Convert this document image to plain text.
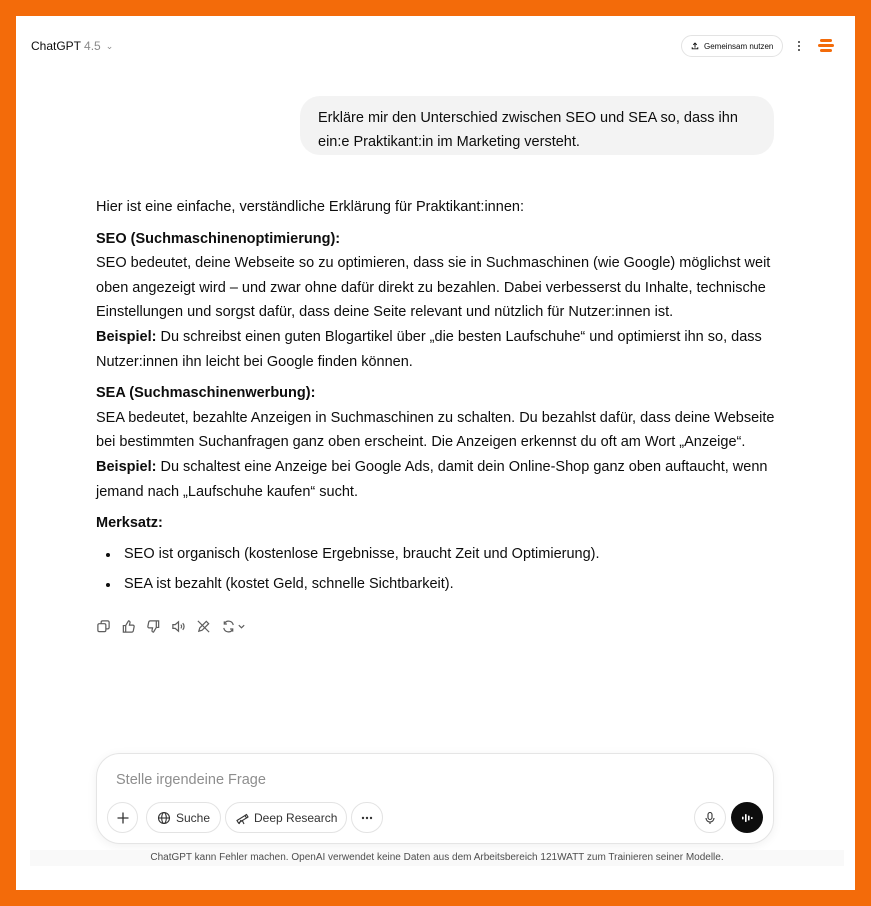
ChatGPT 4.5 ⌄	Gemeinsam nutzen
Erkläre mir den Unterschied zwischen SEO und SEA so, dass ihn ein:e Praktikant:in im Marketing versteht.

Hier ist eine einfache, verständliche Erklärung für Praktikant:innen:

SEO (Suchmaschinenoptimierung):

SEO bedeutet, deine Webseite so zu optimieren, dass sie in Suchmaschinen (wie Google) möglichst weit oben angezeigt wird – und zwar ohne dafür direkt zu bezahlen. Dabei verbesserst du Inhalte, technische Einstellungen und sorgst dafür, dass deine Seite relevant und nützlich für Nutzer:innen ist.

Beispiel: Du schreibst einen guten Blogartikel über „die besten Laufschuhe“ und optimierst ihn so, dass Nutzer:innen ihn leicht bei Google finden können.

SEA (Suchmaschinenwerbung):

SEA bedeutet, bezahlte Anzeigen in Suchmaschinen zu schalten. Du bezahlst dafür, dass deine Webseite bei bestimmten Suchanfragen ganz oben erscheint. Die Anzeigen erkennst du oft am Wort „Anzeige“.

Beispiel: Du schaltest eine Anzeige bei Google Ads, damit dein Online-Shop ganz oben auftaucht, wenn jemand nach „Laufschuhe kaufen“ sucht.

Merksatz:

SEO ist organisch (kostenlose Ergebnisse, braucht Zeit und Optimierung).
SEA ist bezahlt (kostet Geld, schnelle Sichtbarkeit).
Stelle irgendeine Frage
Suche	Deep Research
ChatGPT kann Fehler machen. OpenAI verwendet keine Daten aus dem Arbeitsbereich 121WATT zum Trainieren seiner Modelle.
